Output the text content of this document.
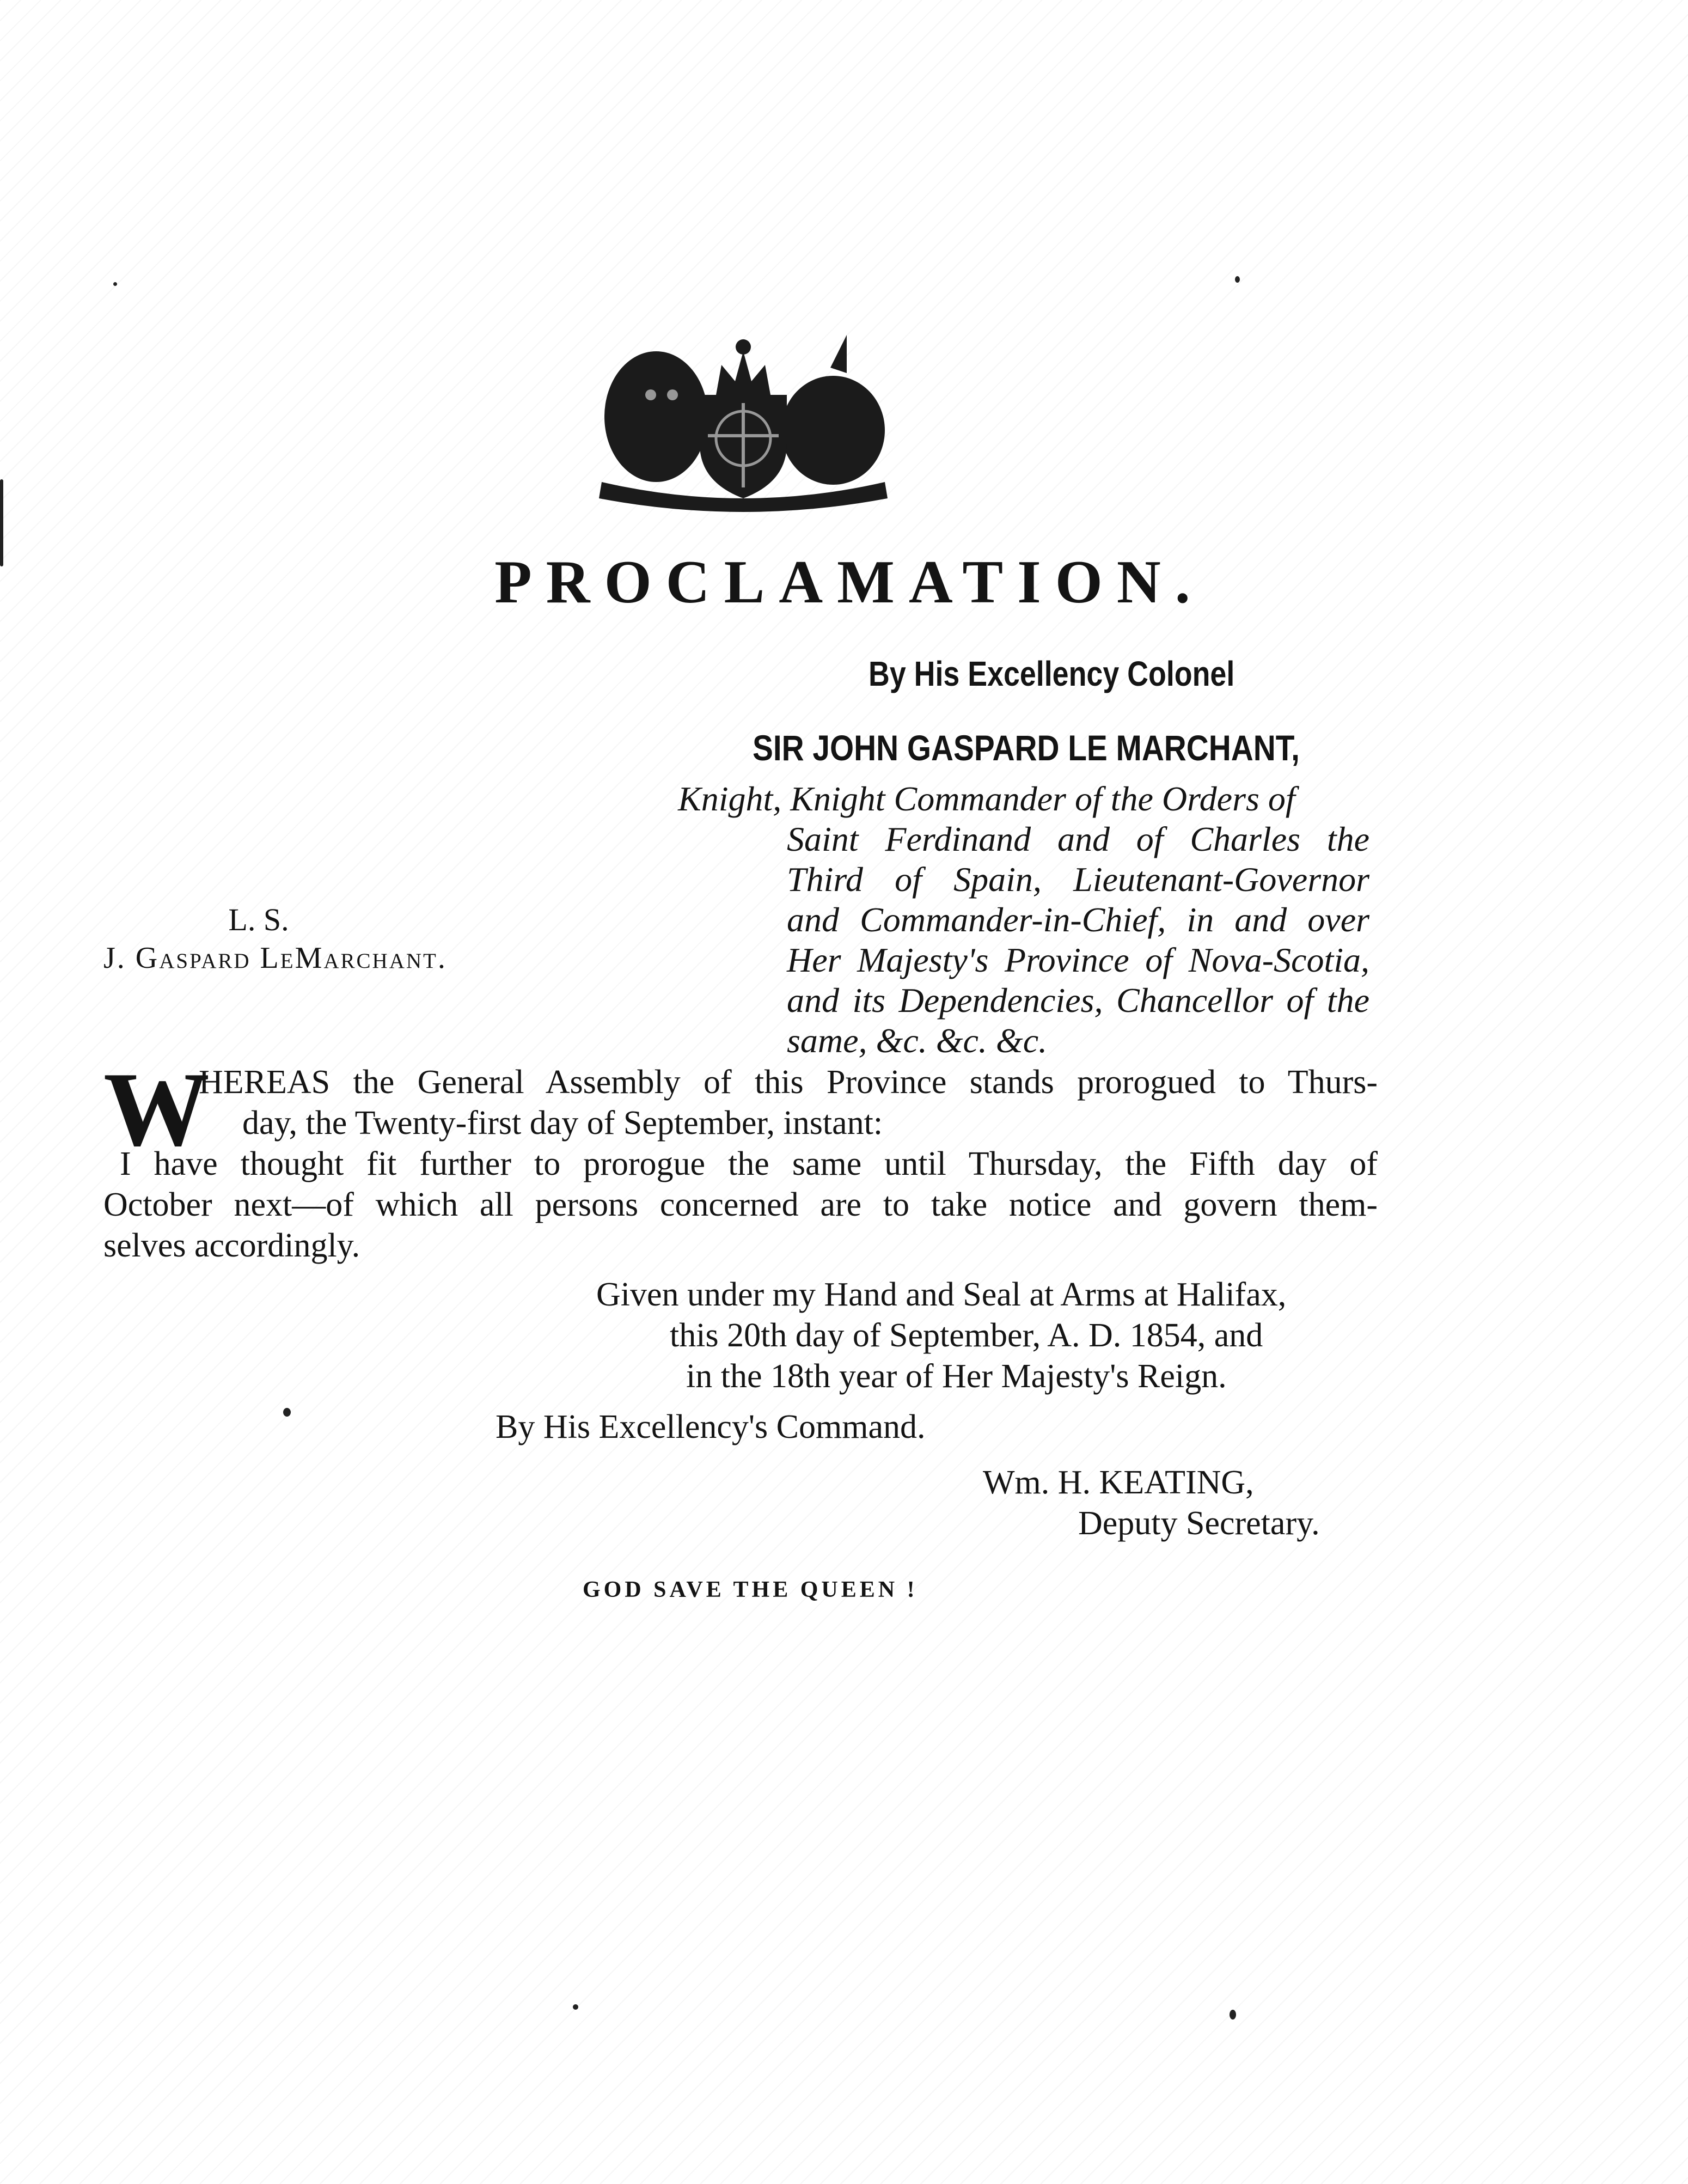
PROCLAMATION.
By His Excellency Colonel
SIR JOHN GASPARD LE MARCHANT,
Knight, Knight Commander of the Orders of
Saint Ferdinand and of Charles the
Third of Spain, Lieutenant-Governor
and Commander-in-Chief, in and over
Her Majesty's Province of Nova-Scotia,
and its Dependencies, Chancellor of the
same, &c. &c. &c.
L. S.
J. Gaspard LeMarchant.
W
HEREAS the General Assembly of this Province stands prorogued to Thurs-
day, the Twenty-first day of September, instant:
I have thought fit further to prorogue the same until Thursday, the Fifth day of
October next—of which all persons concerned are to take notice and govern them-
selves accordingly.
Given under my Hand and Seal at Arms at Halifax,
this 20th day of September, A. D. 1854, and
in the 18th year of Her Majesty's Reign.
By His Excellency's Command.
Wm. H. KEATING,
Deputy Secretary.
GOD SAVE THE QUEEN !
